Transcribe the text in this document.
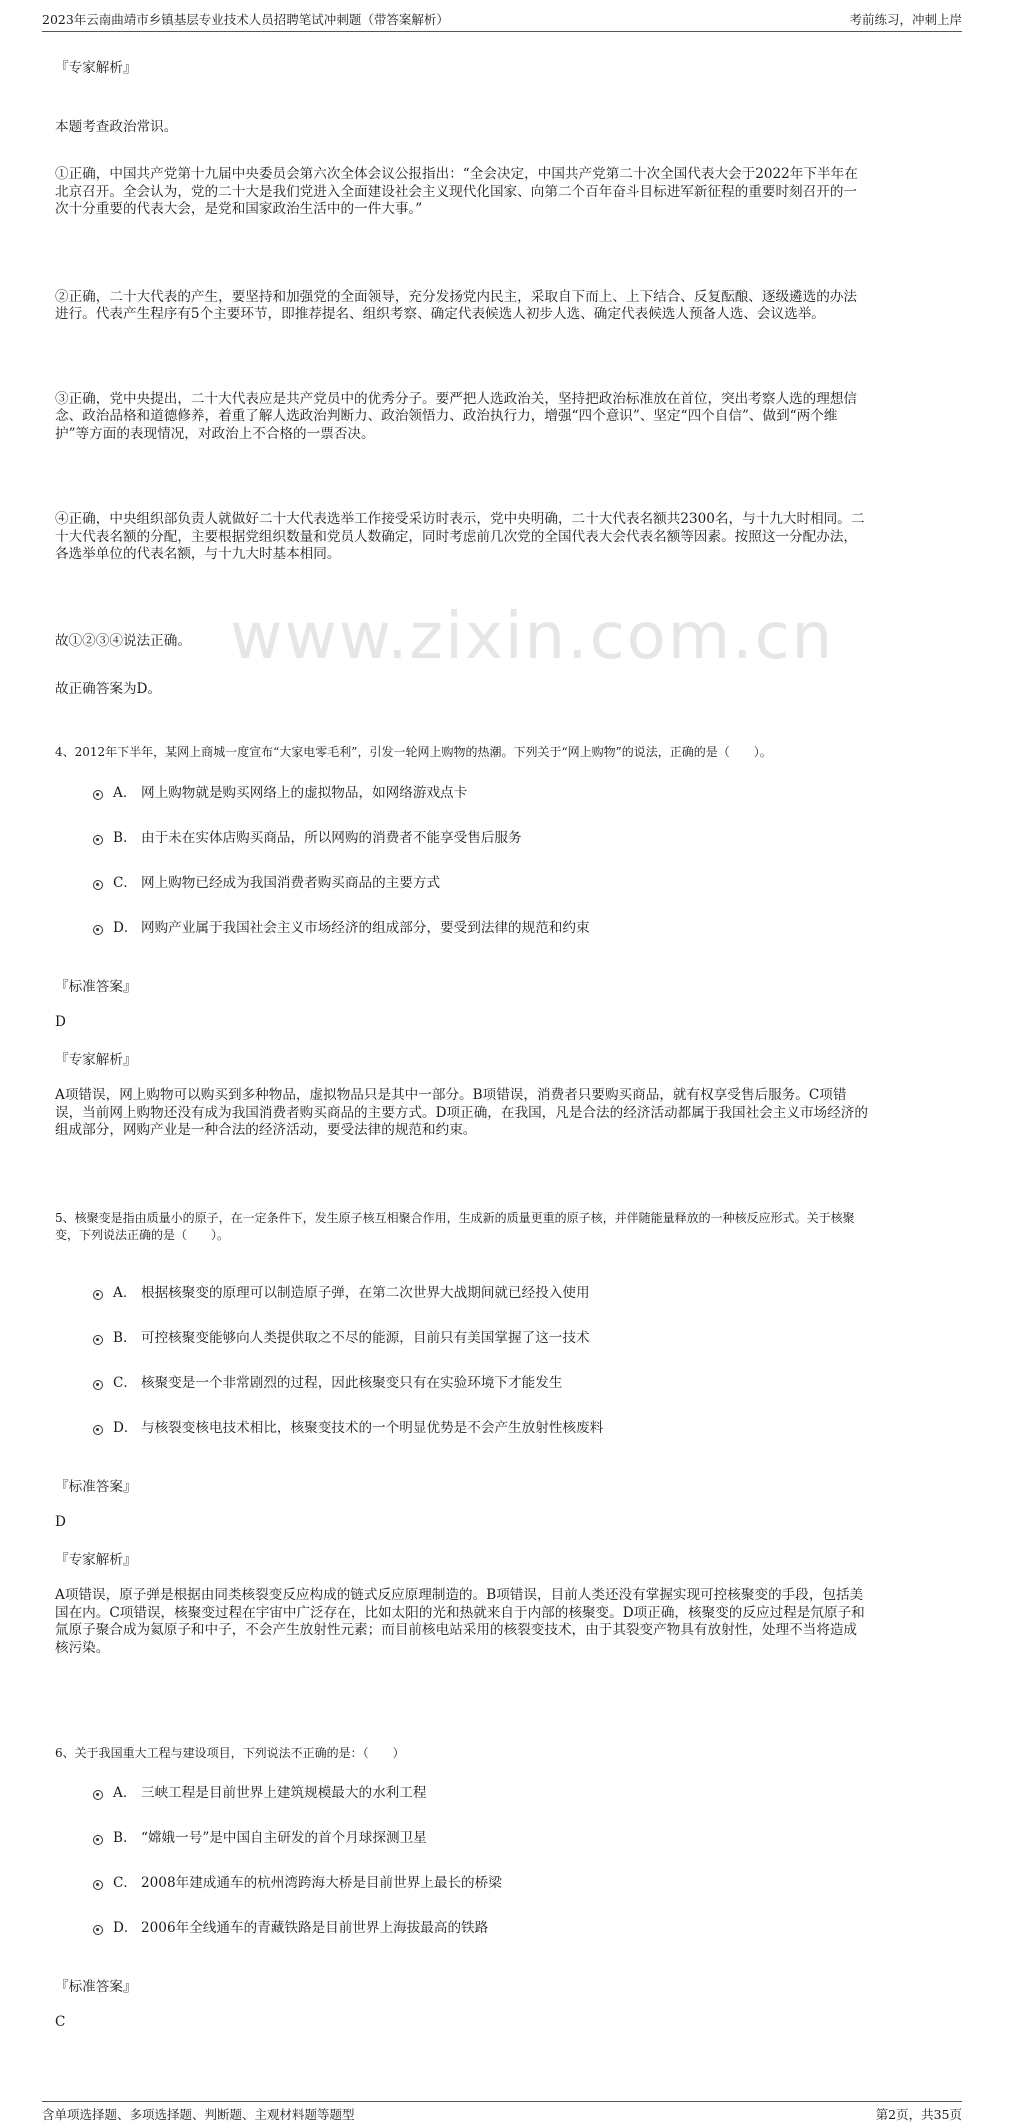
www.zixin.com.cn
2023年云南曲靖市乡镇基层专业技术人员招聘笔试冲刺题（带答案解析）	考前练习，冲刺上岸

『专家解析』

本题考查政治常识。

①正确，中国共产党第十九届中央委员会第六次全体会议公报指出：“全会决定，中国共产党第二十次全国代表大会于2022年下半年在北京召开。全会认为，党的二十大是我们党进入全面建设社会主义现代化国家、向第二个百年奋斗目标进军新征程的重要时刻召开的一次十分重要的代表大会，是党和国家政治生活中的一件大事。”

②正确，二十大代表的产生，要坚持和加强党的全面领导，充分发扬党内民主，采取自下而上、上下结合、反复酝酿、逐级遴选的办法进行。代表产生程序有5个主要环节，即推荐提名、组织考察、确定代表候选人初步人选、确定代表候选人预备人选、会议选举。

③正确，党中央提出，二十大代表应是共产党员中的优秀分子。要严把人选政治关，坚持把政治标准放在首位，突出考察人选的理想信念、政治品格和道德修养，着重了解人选政治判断力、政治领悟力、政治执行力，增强“四个意识”、坚定“四个自信”、做到“两个维护”等方面的表现情况，对政治上不合格的一票否决。

④正确，中央组织部负责人就做好二十大代表选举工作接受采访时表示，党中央明确，二十大代表名额共2300名，与十九大时相同。二十大代表名额的分配，主要根据党组织数量和党员人数确定，同时考虑前几次党的全国代表大会代表名额等因素。按照这一分配办法，各选举单位的代表名额，与十九大时基本相同。

故①②③④说法正确。

故正确答案为D。

4、2012年下半年，某网上商城一度宣布“大家电零毛利”，引发一轮网上购物的热潮。下列关于“网上购物”的说法，正确的是（　　）。

A． 网上购物就是购买网络上的虚拟物品，如网络游戏点卡
B.	由于未在实体店购买商品，所以网购的消费者不能享受售后服务
C． 网上购物已经成为我国消费者购买商品的主要方式
D． 网购产业属于我国社会主义市场经济的组成部分，要受到法律的规范和约束

『标准答案』

D

『专家解析』

A项错误，网上购物可以购买到多种物品，虚拟物品只是其中一部分。B项错误，消费者只要购买商品，就有权享受售后服务。C项错误，当前网上购物还没有成为我国消费者购买商品的主要方式。D项正确，在我国，凡是合法的经济活动都属于我国社会主义市场经济的组成部分，网购产业是一种合法的经济活动，要受法律的规范和约束。

5、核聚变是指由质量小的原子，在一定条件下，发生原子核互相聚合作用，生成新的质量更重的原子核，并伴随能量释放的一种核反应形式。关于核聚变，下列说法正确的是（　　）。

A． 根据核聚变的原理可以制造原子弹，在第二次世界大战期间就已经投入使用
B.	可控核聚变能够向人类提供取之不尽的能源，目前只有美国掌握了这一技术
C． 核聚变是一个非常剧烈的过程，因此核聚变只有在实验环境下才能发生
D． 与核裂变核电技术相比，核聚变技术的一个明显优势是不会产生放射性核废料

『标准答案』

D

『专家解析』

A项错误，原子弹是根据由同类核裂变反应构成的链式反应原理制造的。B项错误，目前人类还没有掌握实现可控核聚变的手段，包括美国在内。C项错误，核聚变过程在宇宙中广泛存在，比如太阳的光和热就来自于内部的核聚变。D项正确，核聚变的反应过程是氘原子和氚原子聚合成为氦原子和中子，不会产生放射性元素；而目前核电站采用的核裂变技术，由于其裂变产物具有放射性，处理不当将造成核污染。

6、关于我国重大工程与建设项目，下列说法不正确的是：（　　）

A． 三峡工程是目前世界上建筑规模最大的水利工程
B.	“嫦娥一号”是中国自主研发的首个月球探测卫星
C． 2008年建成通车的杭州湾跨海大桥是目前世界上最长的桥梁
D． 2006年全线通车的青藏铁路是目前世界上海拔最高的铁路

『标准答案』

C

含单项选择题、多项选择题、判断题、主观材料题等题型	第2页，共35页
